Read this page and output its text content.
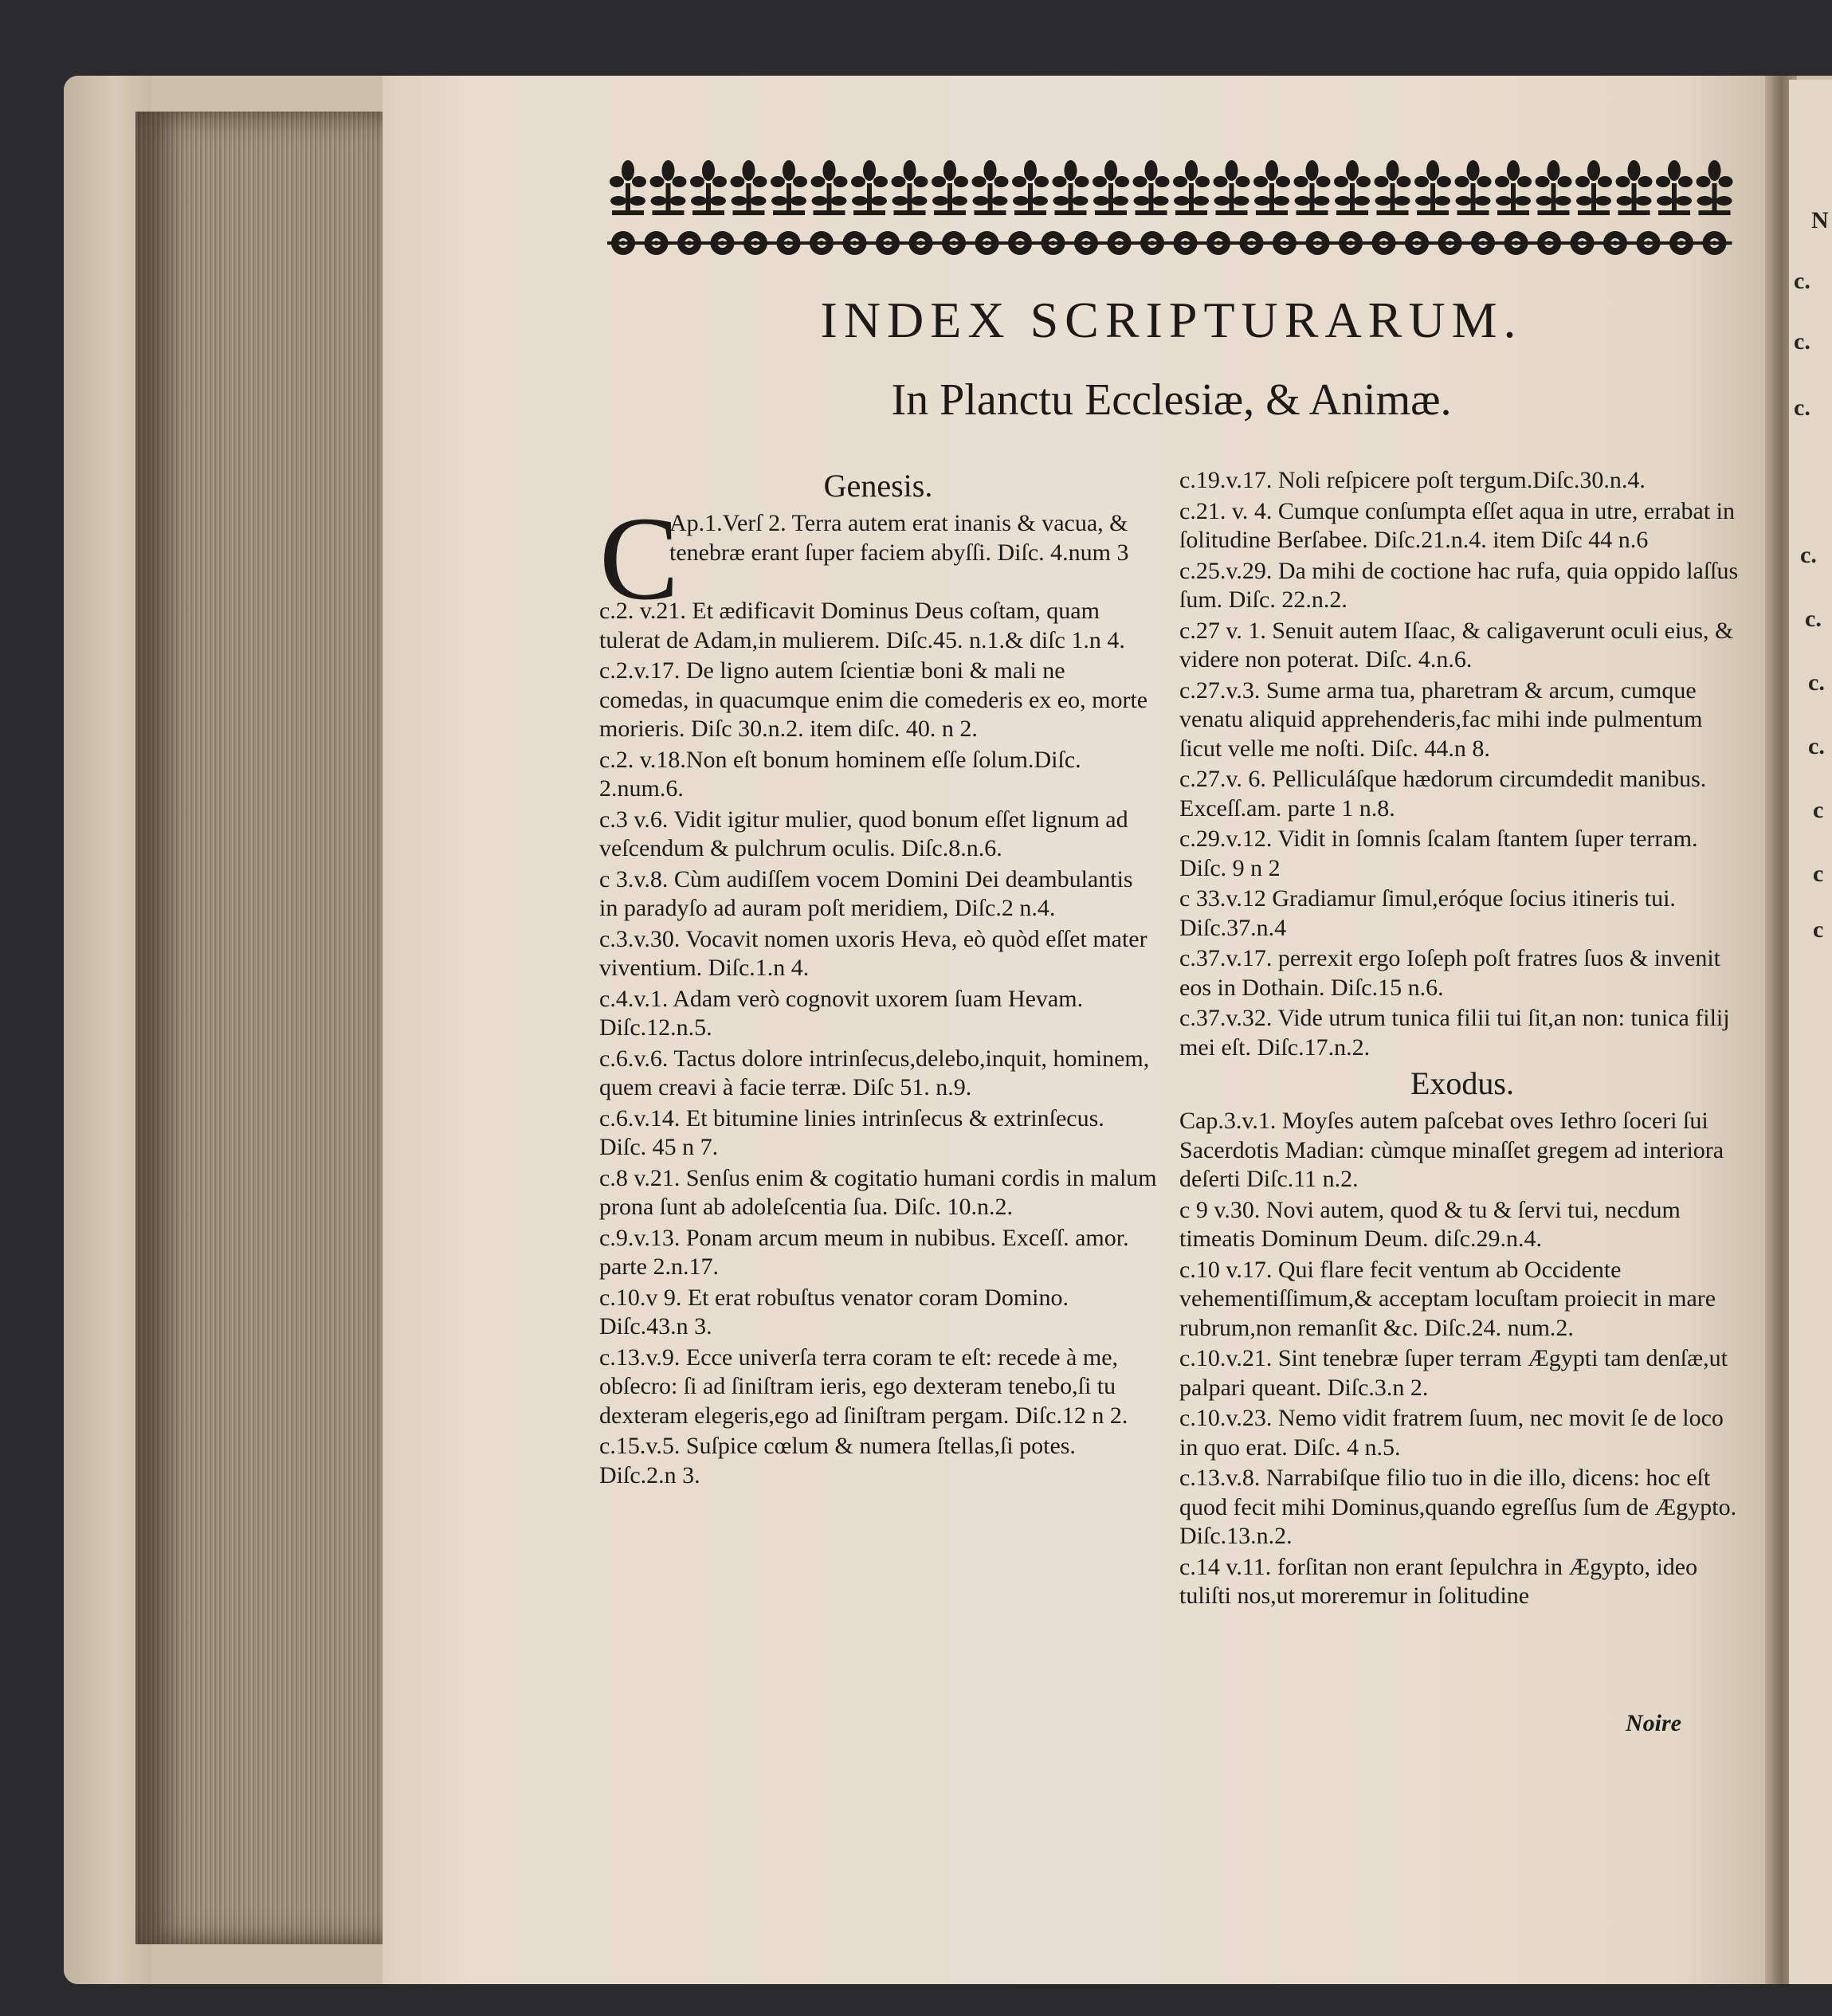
N
c.
c.
c.
c.
c.
c.
c.
c
c
c
INDEX SCRIPTURARUM.
In Planctu Ecclesiæ, & Animæ.
Genesis.
C
Ap.1.Verſ 2. Terra autem erat inanis & vacua, & tenebræ erant ſuper faciem abyſſi. Diſc. 4.num 3
c.2. v.21. Et ædificavit Dominus Deus coſtam, quam tulerat de Adam,in mulierem. Diſc.45. n.1.& diſc 1.n 4.
c.2.v.17. De ligno autem ſcientiæ boni & mali ne comedas, in quacumque enim die comederis ex eo, morte morieris. Diſc 30.n.2. item diſc. 40. n 2.
c.2. v.18.Non eſt bonum hominem eſſe ſolum.Diſc. 2.num.6.
c.3 v.6. Vidit igitur mulier, quod bonum eſſet lignum ad veſcendum & pulchrum oculis. Diſc.8.n.6.
c 3.v.8. Cùm audiſſem vocem Domini Dei deambulantis in paradyſo ad auram poſt meridiem, Diſc.2 n.4.
c.3.v.30. Vocavit nomen uxoris Heva, eò quòd eſſet mater viventium. Diſc.1.n 4.
c.4.v.1. Adam verò cognovit uxorem ſuam Hevam. Diſc.12.n.5.
c.6.v.6. Tactus dolore intrinſecus,delebo,inquit, hominem, quem creavi à facie terræ. Diſc 51. n.9.
c.6.v.14. Et bitumine linies intrinſecus & extrinſecus. Diſc. 45 n 7.
c.8 v.21. Senſus enim & cogitatio humani cordis in malum prona ſunt ab adoleſcentia ſua. Diſc. 10.n.2.
c.9.v.13. Ponam arcum meum in nubibus. Exceſſ. amor. parte 2.n.17.
c.10.v 9. Et erat robuſtus venator coram Domino. Diſc.43.n 3.
c.13.v.9. Ecce univerſa terra coram te eſt: recede à me, obſecro: ſi ad ſiniſtram ieris, ego dexteram tenebo,ſi tu dexteram elegeris,ego ad ſiniſtram pergam. Diſc.12 n 2.
c.15.v.5. Suſpice cœlum & numera ſtellas,ſi potes. Diſc.2.n 3.
c.19.v.17. Noli reſpicere poſt tergum.Diſc.30.n.4.
c.21. v. 4. Cumque conſumpta eſſet aqua in utre, errabat in ſolitudine Berſabee. Diſc.21.n.4. item Diſc 44 n.6
c.25.v.29. Da mihi de coctione hac rufa, quia oppido laſſus ſum. Diſc. 22.n.2.
c.27 v. 1. Senuit autem Iſaac, & caligaverunt oculi eius, & videre non poterat. Diſc. 4.n.6.
c.27.v.3. Sume arma tua, pharetram & arcum, cumque venatu aliquid apprehenderis,fac mihi inde pulmentum ſicut velle me noſti. Diſc. 44.n 8.
c.27.v. 6. Pelliculáſque hædorum circumdedit manibus. Exceſſ.am. parte 1 n.8.
c.29.v.12. Vidit in ſomnis ſcalam ſtantem ſuper terram. Diſc. 9 n 2
c 33.v.12 Gradiamur ſimul,eróque ſocius itineris tui. Diſc.37.n.4
c.37.v.17. perrexit ergo Ioſeph poſt fratres ſuos & invenit eos in Dothain. Diſc.15 n.6.
c.37.v.32. Vide utrum tunica filii tui ſit,an non: tunica filij mei eſt. Diſc.17.n.2.
Exodus.
Cap.3.v.1. Moyſes autem paſcebat oves Iethro ſoceri ſui Sacerdotis Madian: cùmque minaſſet gregem ad interiora deſerti Diſc.11 n.2.
c 9 v.30. Novi autem, quod & tu & ſervi tui, necdum timeatis Dominum Deum. diſc.29.n.4.
c.10 v.17. Qui flare fecit ventum ab Occidente vehementiſſimum,& acceptam locuſtam proiecit in mare rubrum,non remanſit &c. Diſc.24. num.2.
c.10.v.21. Sint tenebræ ſuper terram Ægypti tam denſæ,ut palpari queant. Diſc.3.n 2.
c.10.v.23. Nemo vidit fratrem ſuum, nec movit ſe de loco in quo erat. Diſc. 4 n.5.
c.13.v.8. Narrabiſque filio tuo in die illo, dicens: hoc eſt quod fecit mihi Dominus,quando egreſſus ſum de Ægypto. Diſc.13.n.2.
c.14 v.11. forſitan non erant ſepulchra in Ægypto, ideo tuliſti nos,ut moreremur in ſolitudine
Noire
